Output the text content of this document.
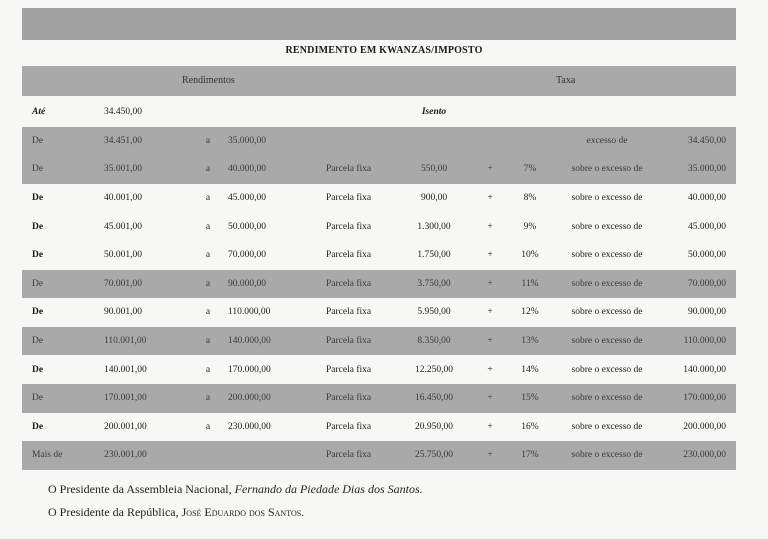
RENDIMENTO EM KWANZAS/IMPOSTO
Rendimentos	Taxa
Até	34.450,00				Isento				
De	34.451,00	a	35.000,00					excesso de	34.450,00
De	35.001,00	a	40.000,00	Parcela fixa	550,00	+	7%	sobre o excesso de	35.000,00
De	40.001,00	a	45.000,00	Parcela fixa	900,00	+	8%	sobre o excesso de	40.000,00
De	45.001,00	a	50.000,00	Parcela fixa	1.300,00	+	9%	sobre o excesso de	45.000,00
De	50.001,00	a	70.000,00	Parcela fixa	1.750,00	+	10%	sobre o excesso de	50.000,00
De	70.001,00	a	90.000,00	Parcela fixa	3.750,00	+	11%	sobre o excesso de	70.000,00
De	90.001,00	a	110.000,00	Parcela fixa	5.950,00	+	12%	sobre o excesso de	90.000,00
De	110.001,00	a	140.000,00	Parcela fixa	8.350,00	+	13%	sobre o excesso de	110.000,00
De	140.001,00	a	170.000,00	Parcela fixa	12.250,00	+	14%	sobre o excesso de	140.000,00
De	170.001,00	a	200.000,00	Parcela fixa	16.450,00	+	15%	sobre o excesso de	170.000,00
De	200.001,00	a	230.000,00	Parcela fixa	20.950,00	+	16%	sobre o excesso de	200.000,00
Mais de	230.001,00			Parcela fixa	25.750,00	+	17%	sobre o excesso de	230.000,00
O Presidente da Assembleia Nacional, Fernando da Piedade Dias dos Santos.
O Presidente da República, José Eduardo dos Santos.
